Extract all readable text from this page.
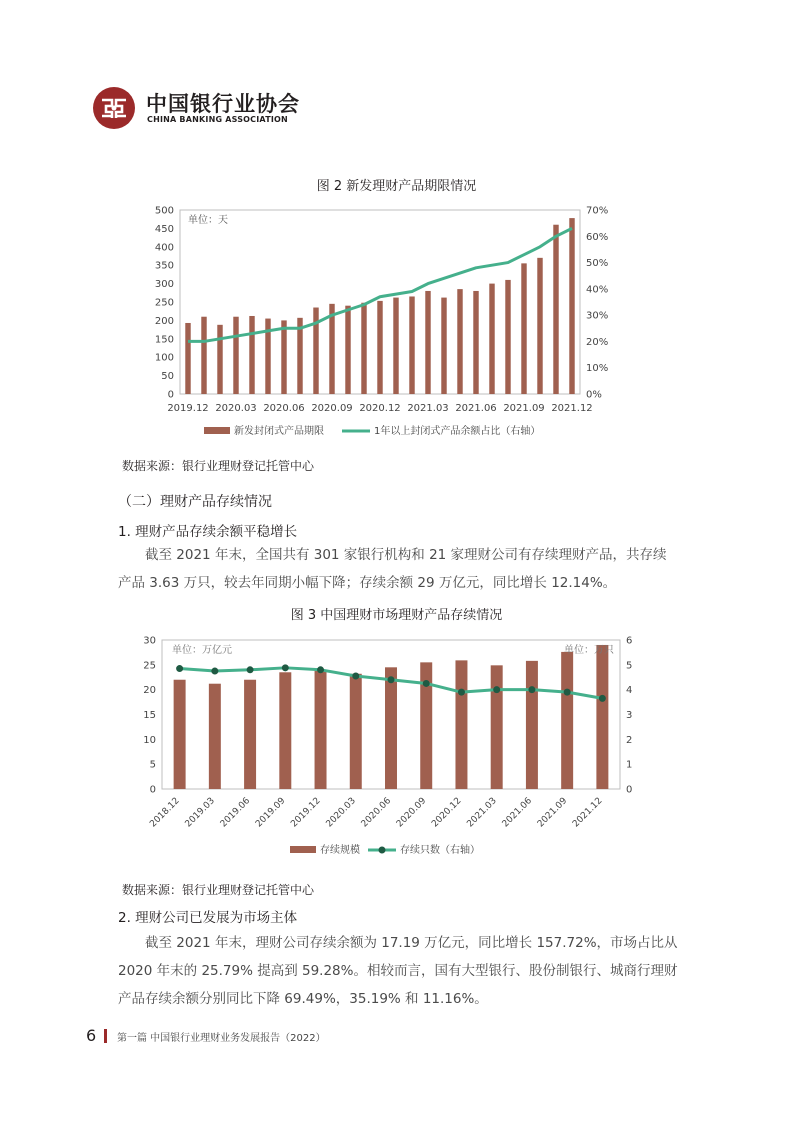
中国银行业协会
CHINA BANKING ASSOCIATION
图 2 新发理财产品期限情况
0
50
100
150
200
250
300
350
400
450
500
0%
10%
20%
30%
40%
50%
60%
70%
2019.12 2020.03 2020.06 2020.09 2020.12 2021.03 2021.06 2021.09 2021.12
单位：天
新发封闭式产品期限	1年以上封闭式产品余额占比（右轴）
数据来源：银行业理财登记托管中心
（二）理财产品存续情况
1. 理财产品存续余额平稳增长
截至 2021 年末，全国共有 301 家银行机构和 21 家理财公司有存续理财产品，共存续产品 3.63 万只，较去年同期小幅下降；存续余额 29 万亿元，同比增长 12.14%。
图 3 中国理财市场理财产品存续情况
0
5
10
15
20
25
30
0
1
2
3
4
5
6
2018.12 2019.03 2019.06 2019.09 2019.12 2020.03 2020.06 2020.09 2020.12 2021.03 2021.06 2021.09 2021.12
单位：万亿元	单位：万只
存续规模	存续只数（右轴）
数据来源：银行业理财登记托管中心
2. 理财公司已发展为市场主体
截至 2021 年末，理财公司存续余额为 17.19 万亿元，同比增长 157.72%，市场占比从 2020 年末的 25.79% 提高到 59.28%。相较而言，国有大型银行、股份制银行、城商行理财产品存续余额分别同比下降 69.49%，35.19% 和 11.16%。
6 第一篇 中国银行业理财业务发展报告（2022）
